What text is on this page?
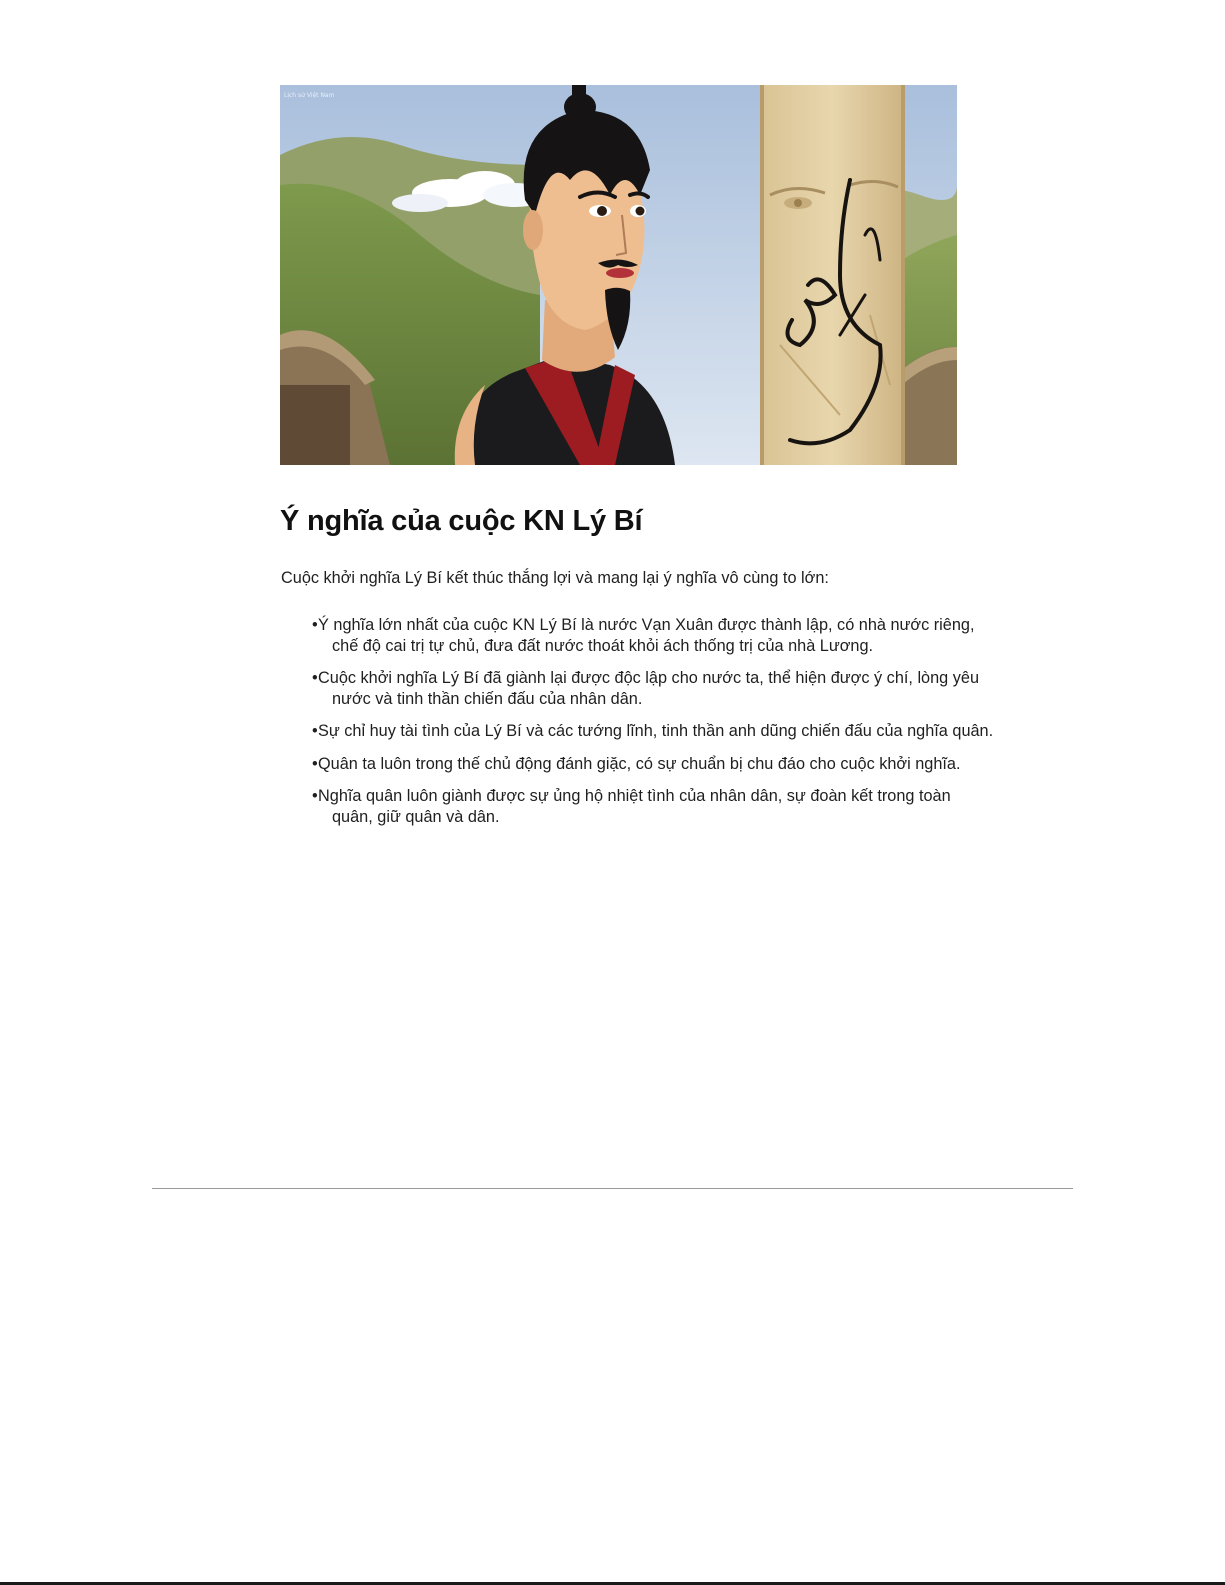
Lịch sử Việt Nam
Ý nghĩa của cuộc KN Lý Bí

Cuộc khởi nghĩa Lý Bí kết thúc thắng lợi và mang lại ý nghĩa vô cùng to lớn:

•Ý nghĩa lớn nhất của cuộc KN Lý Bí là nước Vạn Xuân được thành lập, có nhà nước riêng, chế độ cai trị tự chủ, đưa đất nước thoát khỏi ách thống trị của nhà Lương.
•Cuộc khởi nghĩa Lý Bí đã giành lại được độc lập cho nước ta, thể hiện được ý chí, lòng yêu nước và tinh thần chiến đấu của nhân dân.
•Sự chỉ huy tài tình của Lý Bí và các tướng lĩnh, tinh thần anh dũng chiến đấu của nghĩa quân.
•Quân ta luôn trong thế chủ động đánh giặc, có sự chuẩn bị chu đáo cho cuộc khởi nghĩa.
•Nghĩa quân luôn giành được sự ủng hộ nhiệt tình của nhân dân, sự đoàn kết trong toàn quân, giữ quân và dân.
